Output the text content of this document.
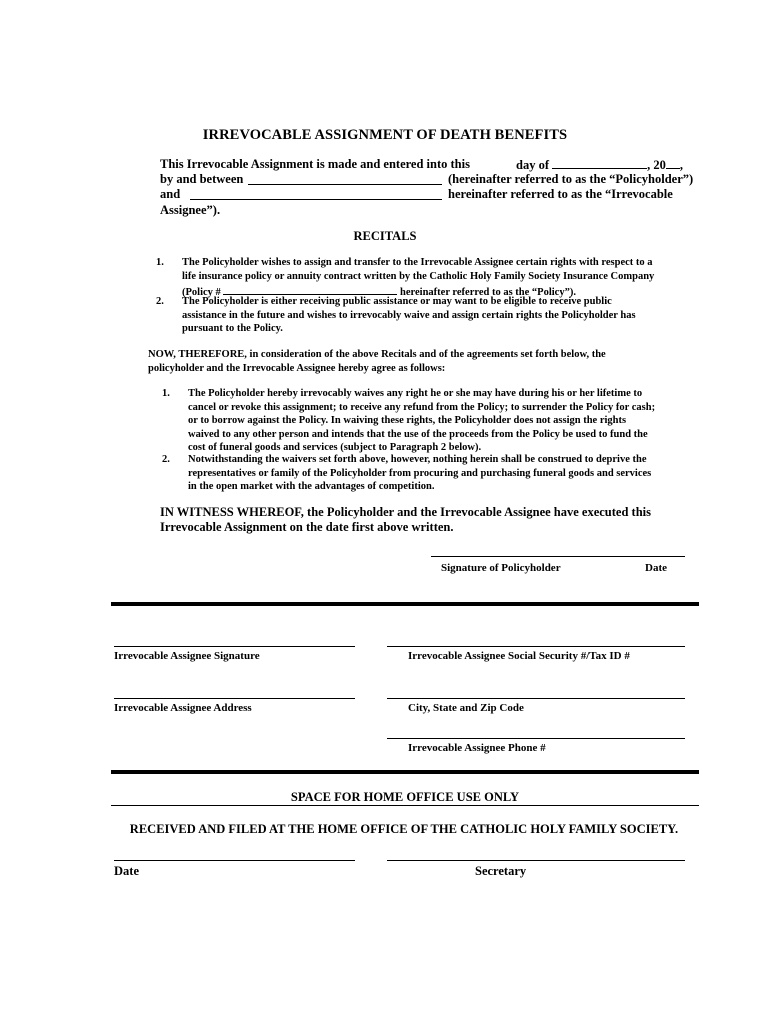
IRREVOCABLE ASSIGNMENT OF DEATH BENEFITS
This Irrevocable Assignment is made and entered into this	day of	, 20 ,
by and between	(hereinafter referred to as the “Policyholder”)
and	hereinafter referred to as the “Irrevocable
Assignee”).
RECITALS
1. The Policyholder wishes to assign and transfer to the Irrevocable Assignee certain rights with respect to a
life insurance policy or annuity contract written by the Catholic Holy Family Society Insurance Company
(Policy #	hereinafter referred to as the “Policy”).
2. The Policyholder is either receiving public assistance or may want to be eligible to receive public
assistance in the future and wishes to irrevocably waive and assign certain rights the Policyholder has
pursuant to the Policy.
NOW, THEREFORE, in consideration of the above Recitals and of the agreements set forth below, the
policyholder and the Irrevocable Assignee hereby agree as follows:
1. The Policyholder hereby irrevocably waives any right he or she may have during his or her lifetime to
cancel or revoke this assignment; to receive any refund from the Policy; to surrender the Policy for cash;
or to borrow against the Policy. In waiving these rights, the Policyholder does not assign the rights
waived to any other person and intends that the use of the proceeds from the Policy be used to fund the
cost of funeral goods and services (subject to Paragraph 2 below).
2. Notwithstanding the waivers set forth above, however, nothing herein shall be construed to deprive the
representatives or family of the Policyholder from procuring and purchasing funeral goods and services
in the open market with the advantages of competition.
IN WITNESS WHEREOF, the Policyholder and the Irrevocable Assignee have executed this
Irrevocable Assignment on the date first above written.
Signature of Policyholder	Date
Irrevocable Assignee Signature	Irrevocable Assignee Social Security #/Tax ID #
Irrevocable Assignee Address	City, State and Zip Code
Irrevocable Assignee Phone #
SPACE FOR HOME OFFICE USE ONLY
RECEIVED AND FILED AT THE HOME OFFICE OF THE CATHOLIC HOLY FAMILY SOCIETY.
Date	Secretary
